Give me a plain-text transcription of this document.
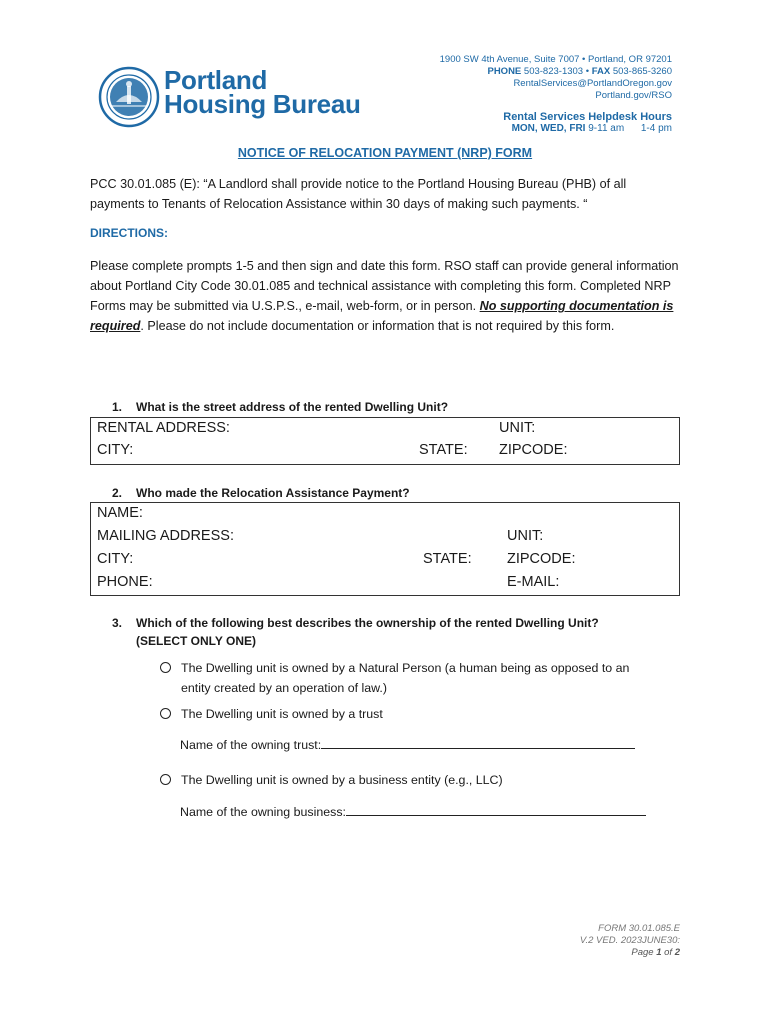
Portland
Housing Bureau
1900 SW 4th Avenue, Suite 7007 • Portland, OR 97201
PHONE 503-823-1303 • FAX 503-865-3260
RentalServices@PortlandOregon.gov
Portland.gov/RSO
Rental Services Helpdesk Hours
MON, WED, FRI 9-11 am      1-4 pm
NOTICE OF RELOCATION PAYMENT (NRP) FORM
PCC 30.01.085 (E): “A Landlord shall provide notice to the Portland Housing Bureau (PHB) of all payments to Tenants of Relocation Assistance within 30 days of making such payments. “
DIRECTIONS:
Please complete prompts 1-5 and then sign and date this form. RSO staff can provide general information about Portland City Code 30.01.085 and technical assistance with completing this form. Completed NRP Forms may be submitted via U.S.P.S., e-mail, web-form, or in person. No supporting documentation is required. Please do not include documentation or information that is not required by this form.
1. What is the street address of the rented Dwelling Unit?
RENTAL ADDRESS:	UNIT:
CITY:	STATE: ZIPCODE:
2. Who made the Relocation Assistance Payment?
NAME:
MAILING ADDRESS:	UNIT:
CITY:	STATE: ZIPCODE:
PHONE:	E-MAIL:
3. Which of the following best describes the ownership of the rented Dwelling Unit?
(SELECT ONLY ONE)
The Dwelling unit is owned by a Natural Person (a human being as opposed to an
entity created by an operation of law.)
The Dwelling unit is owned by a trust
Name of the owning trust:
The Dwelling unit is owned by a business entity (e.g., LLC)
Name of the owning business:
FORM 30.01.085.E
V.2 VED. 2023JUNE30:
Page 1 of 2
